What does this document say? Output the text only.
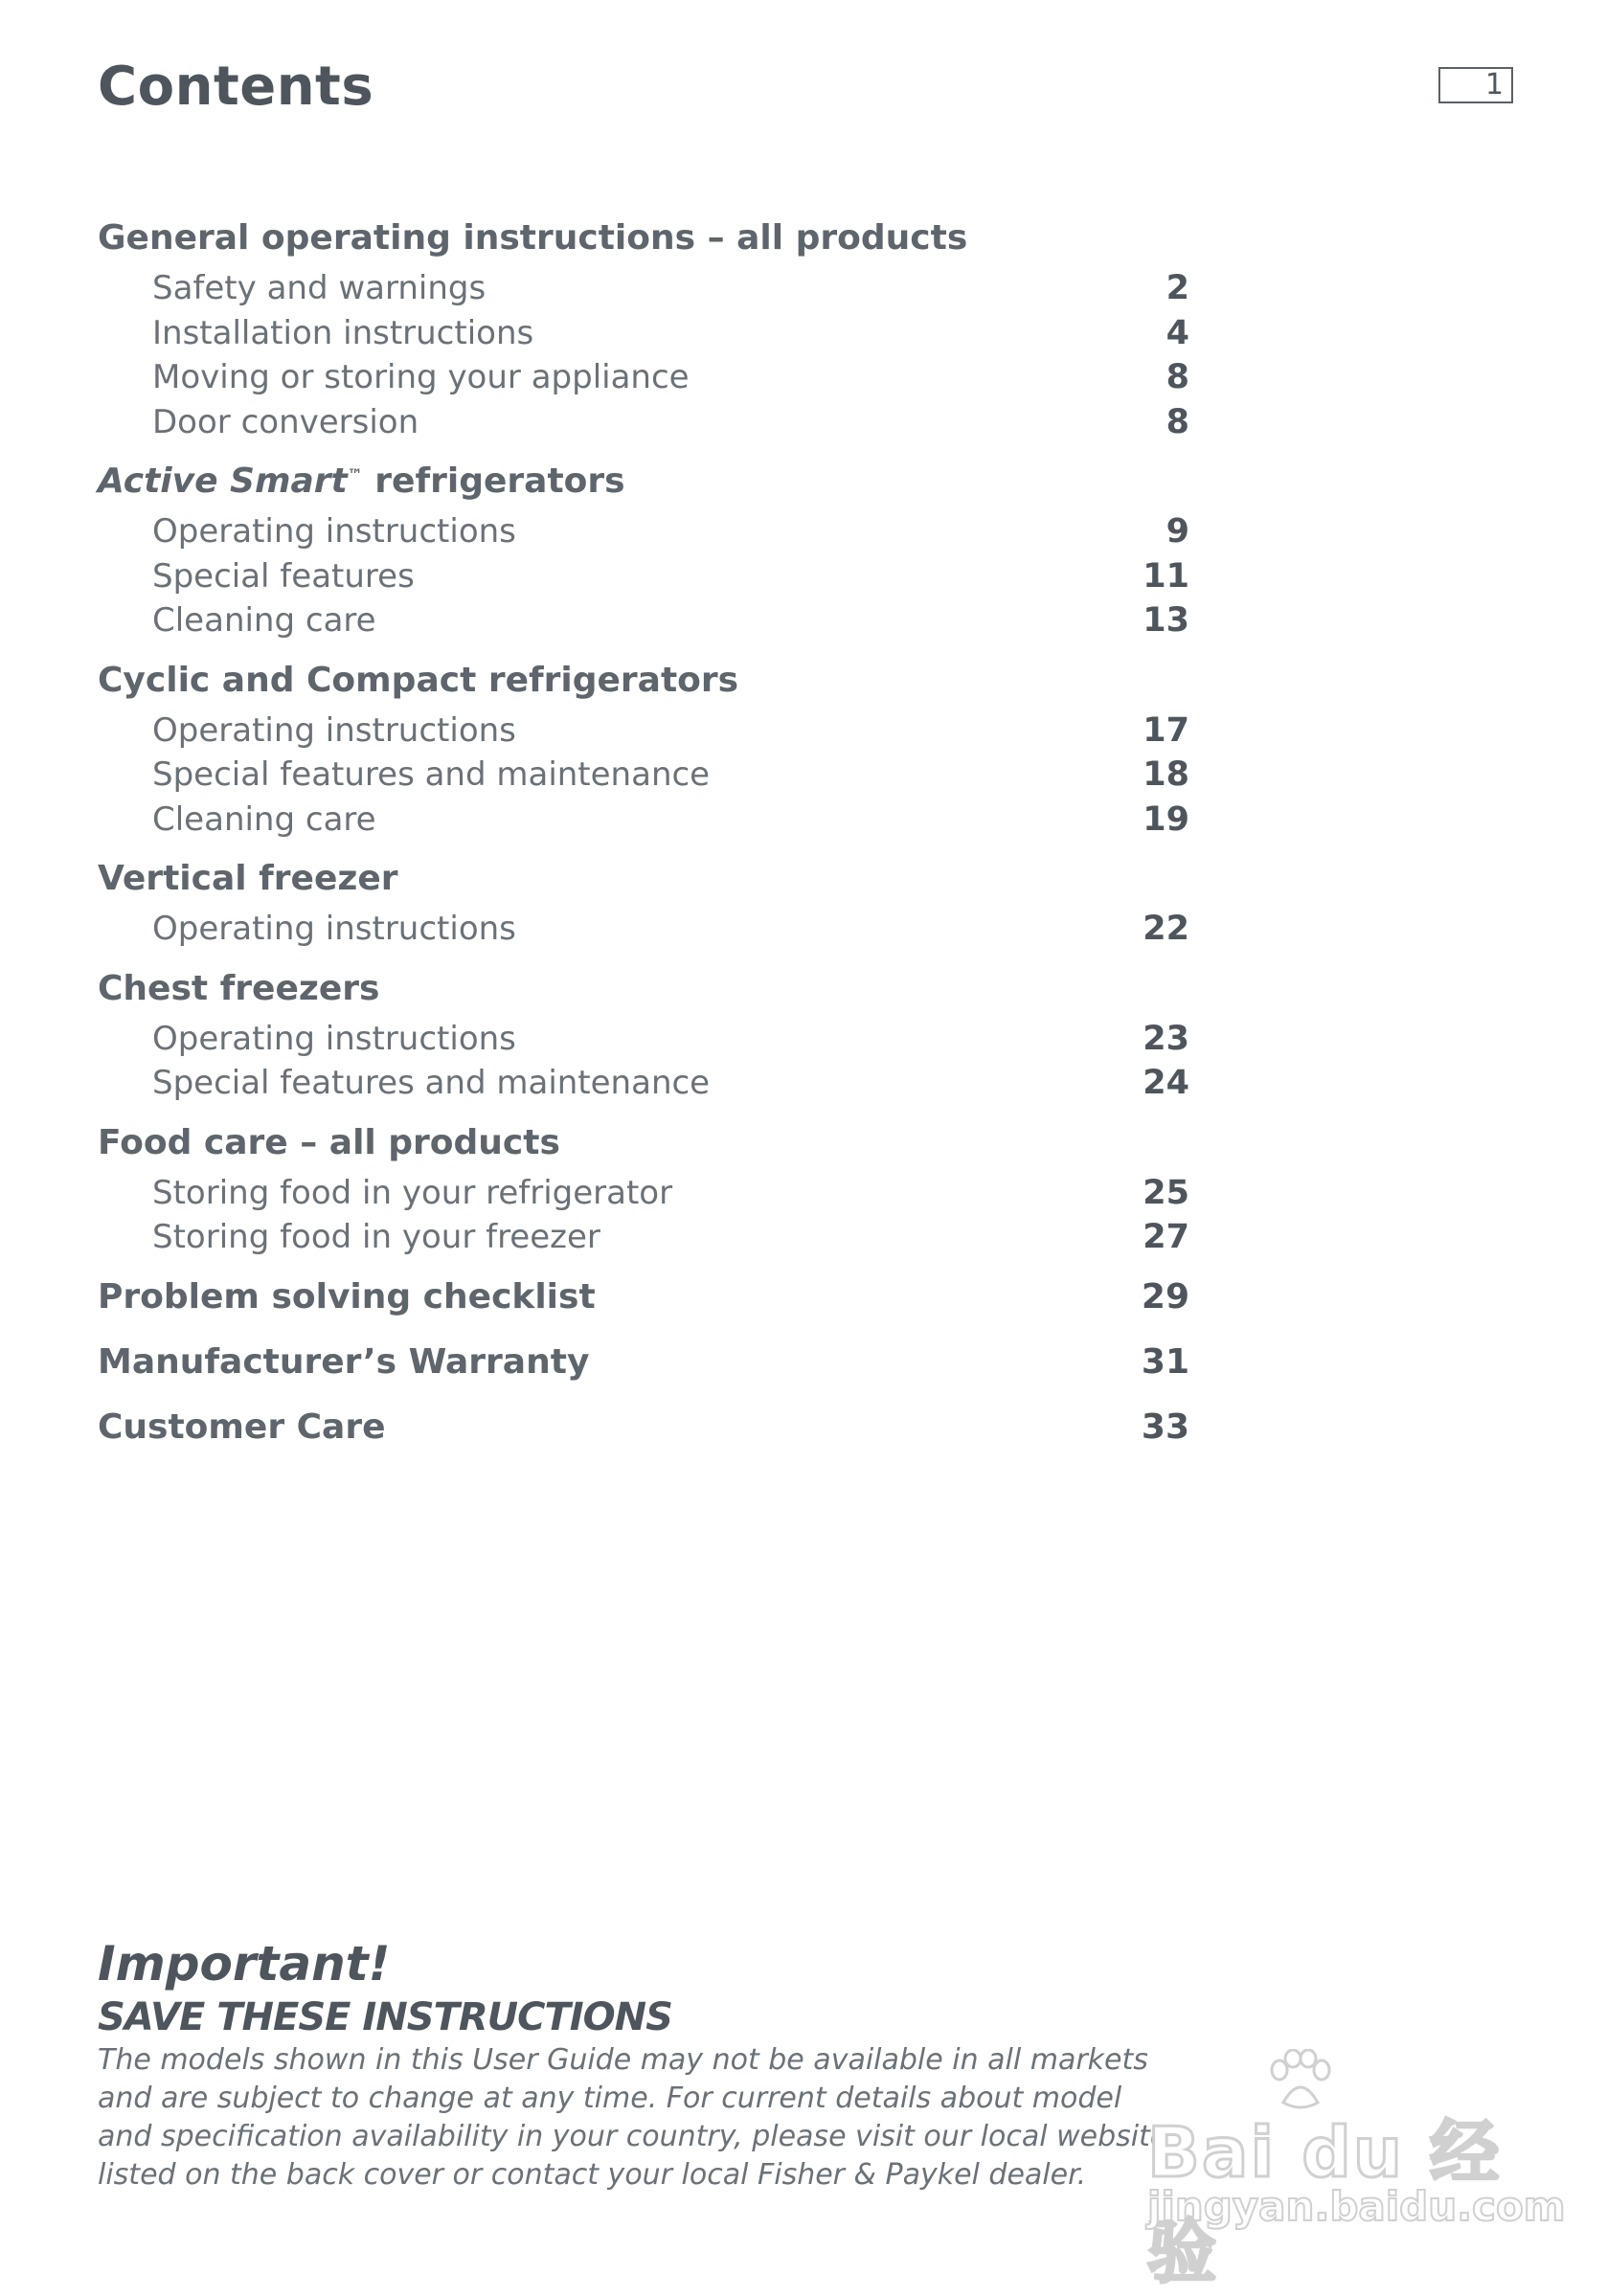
Contents	1
General operating instructions – all products
Safety and warnings	2
Installation instructions	4
Moving or storing your appliance	8
Door conversion	8
Active Smart™ refrigerators
Operating instructions	9
Special features	11
Cleaning care	13
Cyclic and Compact refrigerators
Operating instructions	17
Special features and maintenance	18
Cleaning care	19
Vertical freezer
Operating instructions	22
Chest freezers
Operating instructions	23
Special features and maintenance	24
Food care – all products
Storing food in your refrigerator	25
Storing food in your freezer	27
Problem solving checklist	29
Manufacturer’s Warranty	31
Customer Care	33
Important!
SAVE THESE INSTRUCTIONS
The models shown in this User Guide may not be available in all markets and are subject to change at any time. For current details about model and specification availability in your country, please visit our local website listed on the back cover or contact your local Fisher & Paykel dealer. Bai du 经验
jingyan.baidu.com
